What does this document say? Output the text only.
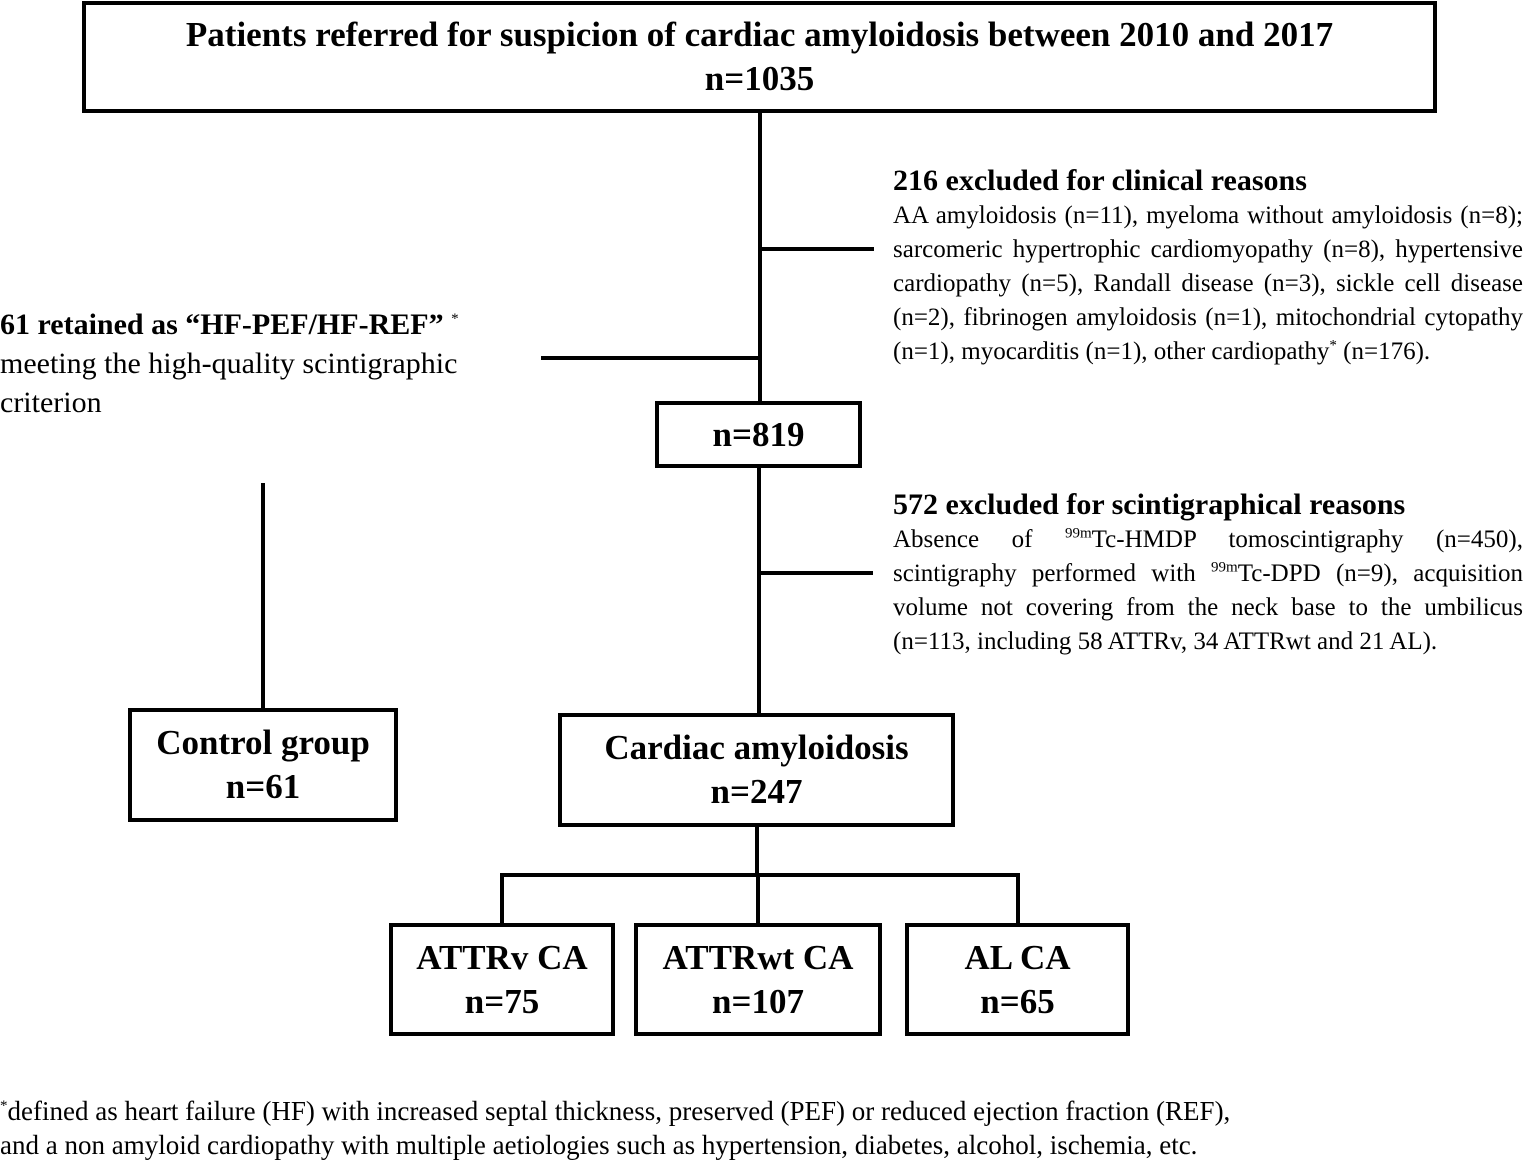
Patients referred for suspicion of cardiac amyloidosis between 2010 and 2017
n=1035
216 excluded for clinical reasons
AA amyloidosis (n=11), myeloma without amyloidosis (n=8); sarcomeric hypertrophic cardiomyopathy (n=8), hypertensive cardiopathy (n=5), Randall disease (n=3), sickle cell disease (n=2), fibrinogen amyloidosis (n=1), mitochondrial cytopathy (n=1), myocarditis (n=1), other cardiopathy* (n=176).
61 retained as “HF-PEF/HF-REF” *
meeting the high-quality scintigraphic criterion
n=819
572 excluded for scintigraphical reasons
Absence of $^{99m}$Tc-HMDP tomoscintigraphy (n=450), scintigraphy performed with $^{99m}$Tc-DPD (n=9), acquisition volume not covering from the neck base to the umbilicus (n=113, including 58 ATTRv, 34 ATTRwt and 21 AL).
Control group
n=61
Cardiac amyloidosis
n=247
ATTRv CA
n=75
ATTRwt CA
n=107
AL CA
n=65
*defined as heart failure (HF) with increased septal thickness, preserved (PEF) or reduced ejection fraction (REF),
and a non amyloid cardiopathy with multiple aetiologies such as hypertension, diabetes, alcohol, ischemia, etc.
